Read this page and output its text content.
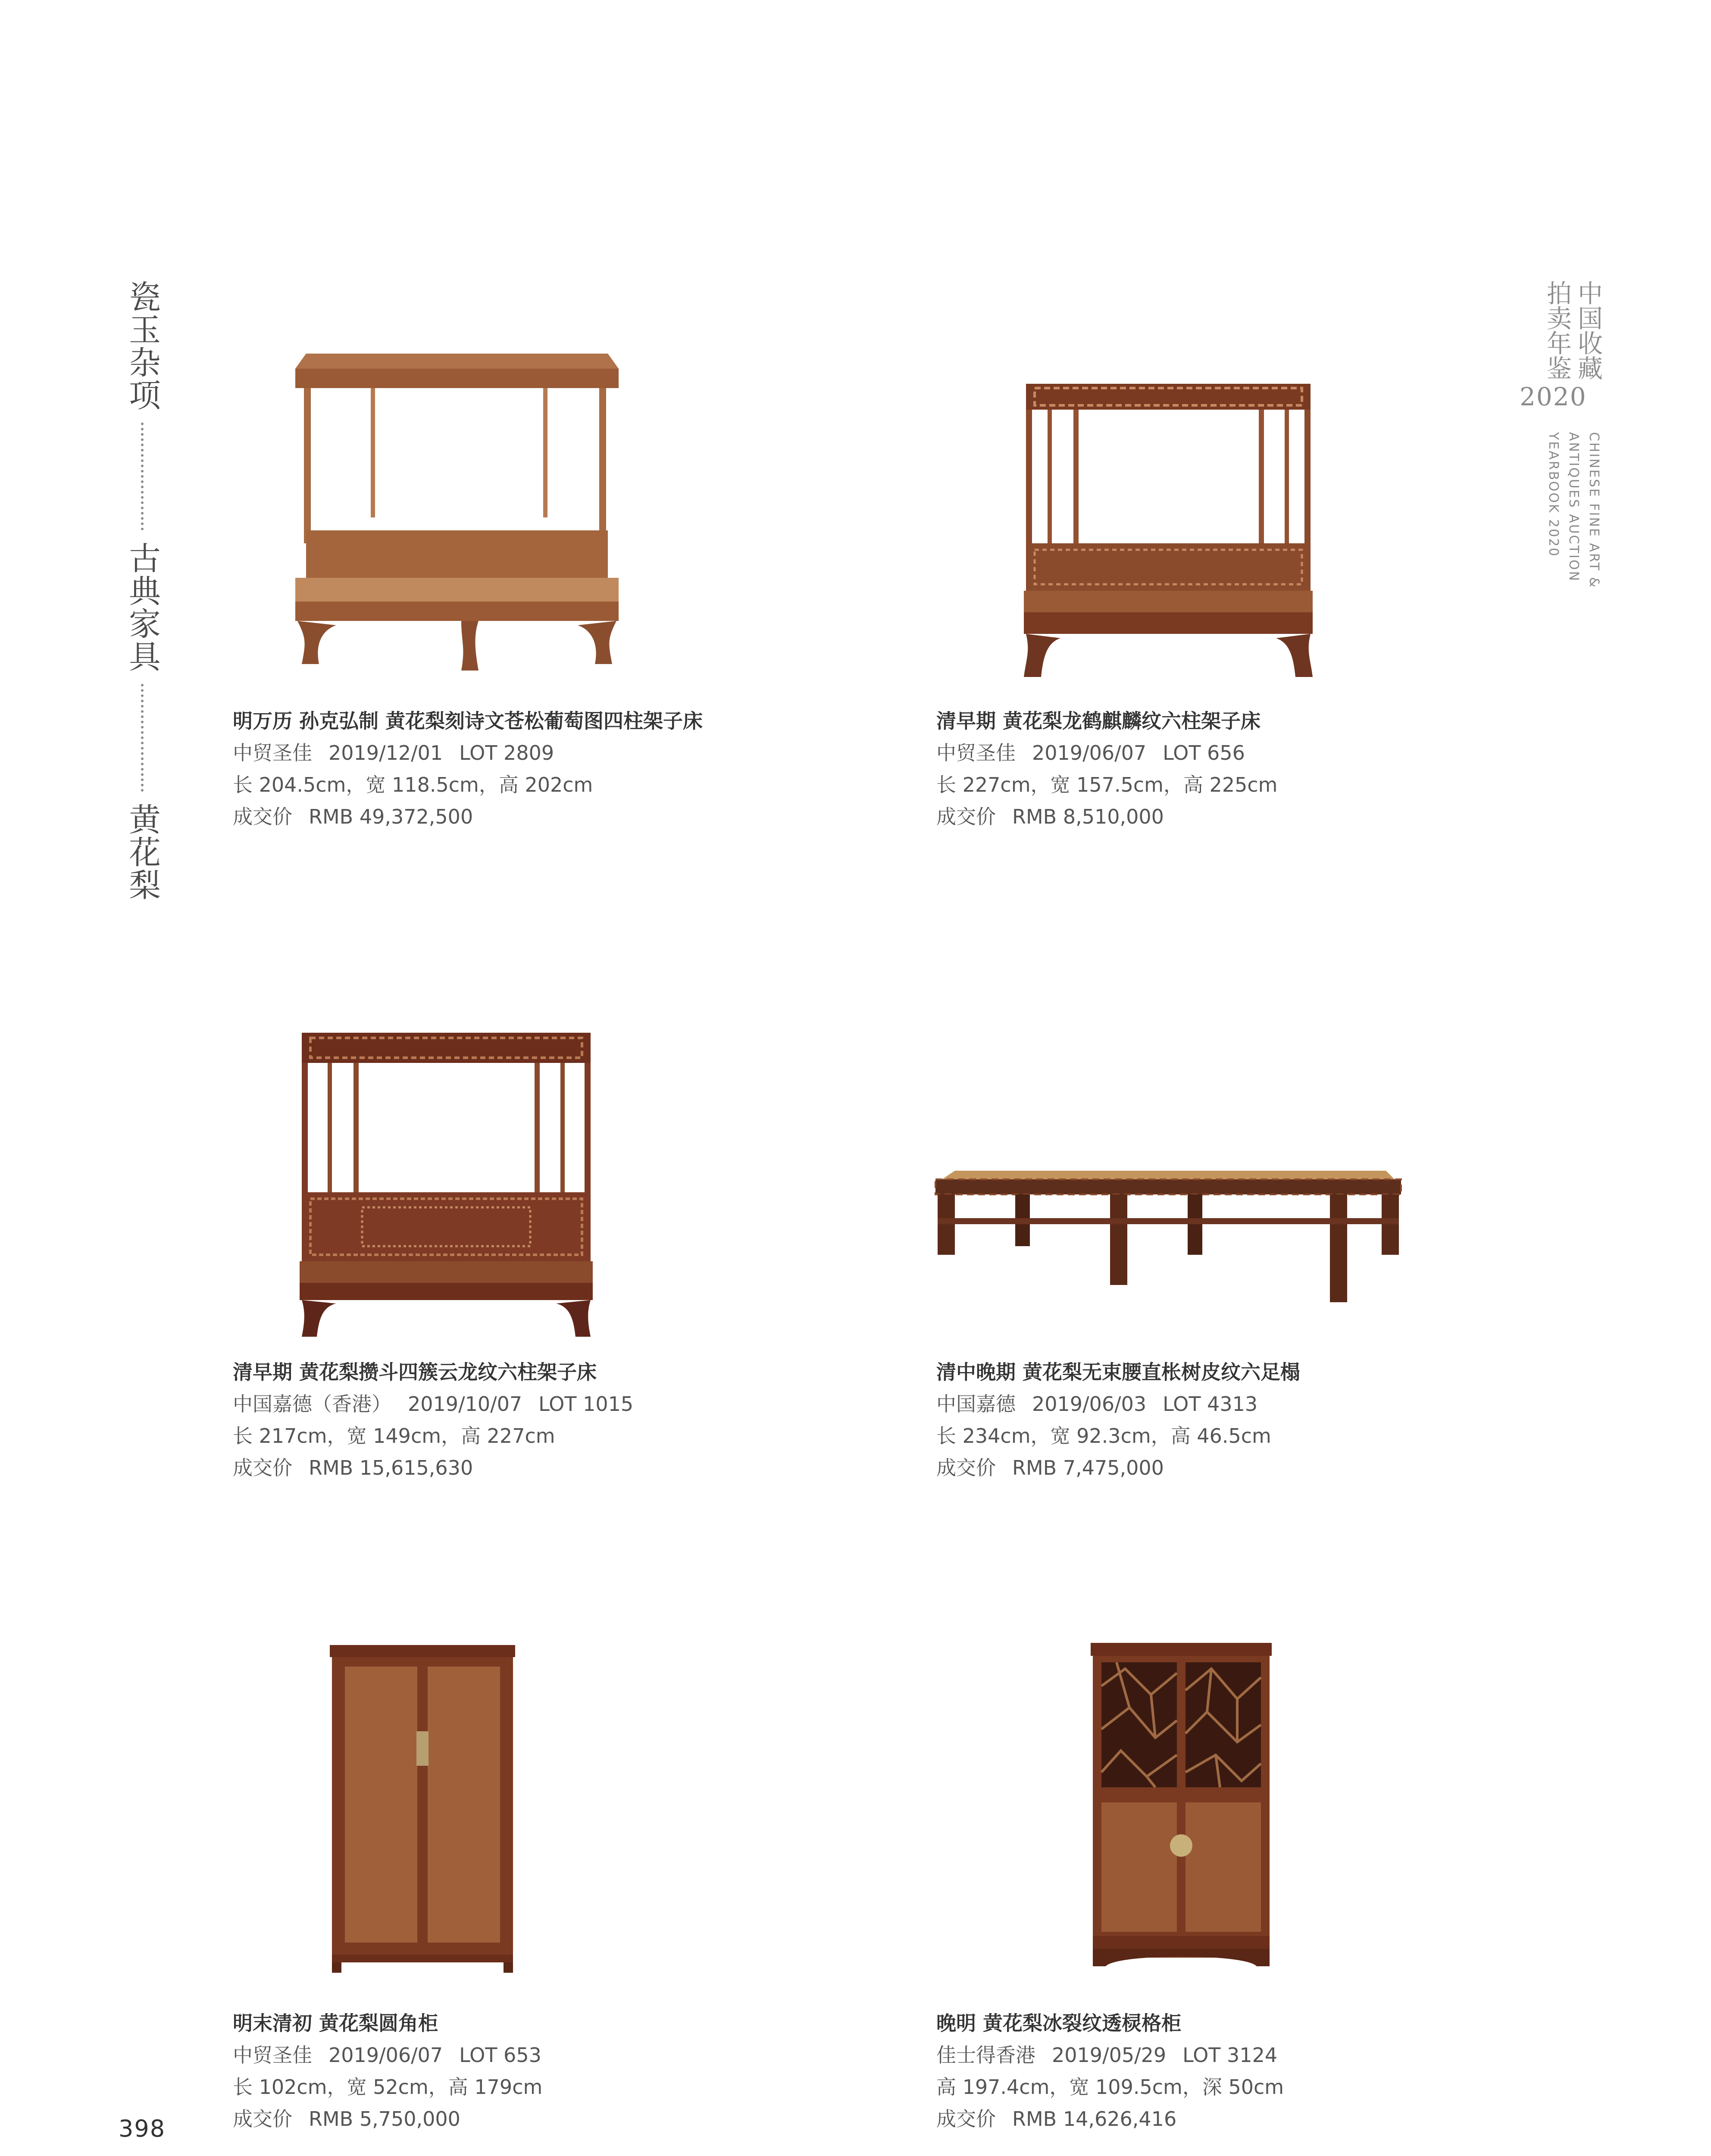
瓷玉杂项
古典家具
黄花梨
中国收藏
拍卖年鉴
2020
CHINESE FINE ART &
ANTIQUES AUCTION
YEARBOOK 2020
明万历 孙克弘制 黄花梨刻诗文苍松葡萄图四柱架子床
中贸圣佳 2019/12/01 LOT 2809
长 204.5cm，宽 118.5cm，高 202cm
成交价 RMB 49,372,500
清早期 黄花梨龙鹤麒麟纹六柱架子床
中贸圣佳 2019/06/07 LOT 656
长 227cm，宽 157.5cm，高 225cm
成交价 RMB 8,510,000
清早期 黄花梨攒斗四簇云龙纹六柱架子床
中国嘉德（香港） 2019/10/07 LOT 1015
长 217cm，宽 149cm，高 227cm
成交价 RMB 15,615,630
清中晚期 黄花梨无束腰直枨树皮纹六足榻
中国嘉德 2019/06/03 LOT 4313
长 234cm，宽 92.3cm，高 46.5cm
成交价 RMB 7,475,000
明末清初 黄花梨圆角柜
中贸圣佳 2019/06/07 LOT 653
长 102cm，宽 52cm，高 179cm
成交价 RMB 5,750,000
晚明 黄花梨冰裂纹透棂格柜
佳士得香港 2019/05/29 LOT 3124
高 197.4cm，宽 109.5cm，深 50cm
成交价 RMB 14,626,416
398
